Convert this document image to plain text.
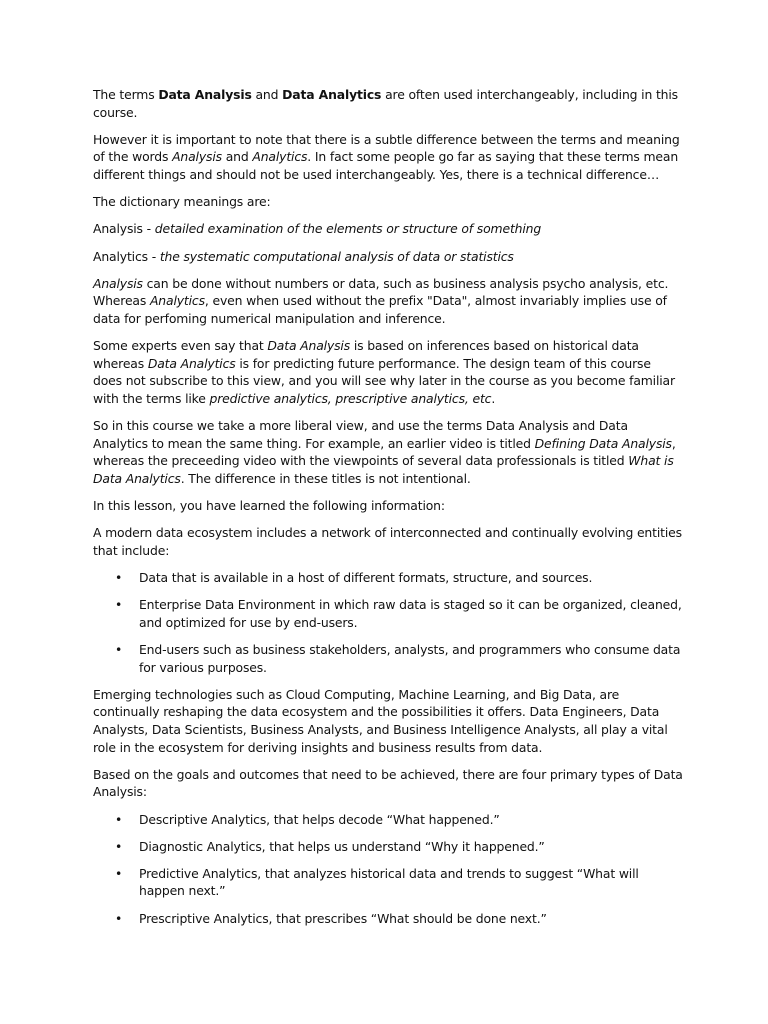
The terms Data Analysis and Data Analytics are often used interchangeably, including in this course.

However it is important to note that there is a subtle difference between the terms and meaning of the words Analysis and Analytics. In fact some people go far as saying that these terms mean different things and should not be used interchangeably. Yes, there is a technical difference…

The dictionary meanings are:

Analysis - detailed examination of the elements or structure of something

Analytics - the systematic computational analysis of data or statistics

Analysis can be done without numbers or data, such as business analysis psycho analysis, etc. Whereas Analytics, even when used without the prefix "Data", almost invariably implies use of data for perfoming numerical manipulation and inference.

Some experts even say that Data Analysis is based on inferences based on historical data whereas Data Analytics is for predicting future performance. The design team of this course does not subscribe to this view, and you will see why later in the course as you become familiar with the terms like predictive analytics, prescriptive analytics, etc.

So in this course we take a more liberal view, and use the terms Data Analysis and Data Analytics to mean the same thing. For example, an earlier video is titled Defining Data Analysis, whereas the preceeding video with the viewpoints of several data professionals is titled What is Data Analytics. The difference in these titles is not intentional.

In this lesson, you have learned the following information:

A modern data ecosystem includes a network of interconnected and continually evolving entities that include:

• Data that is available in a host of different formats, structure, and sources.
• Enterprise Data Environment in which raw data is staged so it can be organized, cleaned, and optimized for use by end-users.
• End-users such as business stakeholders, analysts, and programmers who consume data for various purposes.

Emerging technologies such as Cloud Computing, Machine Learning, and Big Data, are continually reshaping the data ecosystem and the possibilities it offers. Data Engineers, Data Analysts, Data Scientists, Business Analysts, and Business Intelligence Analysts, all play a vital role in the ecosystem for deriving insights and business results from data.

Based on the goals and outcomes that need to be achieved, there are four primary types of Data Analysis:

• Descriptive Analytics, that helps decode “What happened.”
• Diagnostic Analytics, that helps us understand “Why it happened.”
• Predictive Analytics, that analyzes historical data and trends to suggest “What will happen next.”
• Prescriptive Analytics, that prescribes “What should be done next.”
